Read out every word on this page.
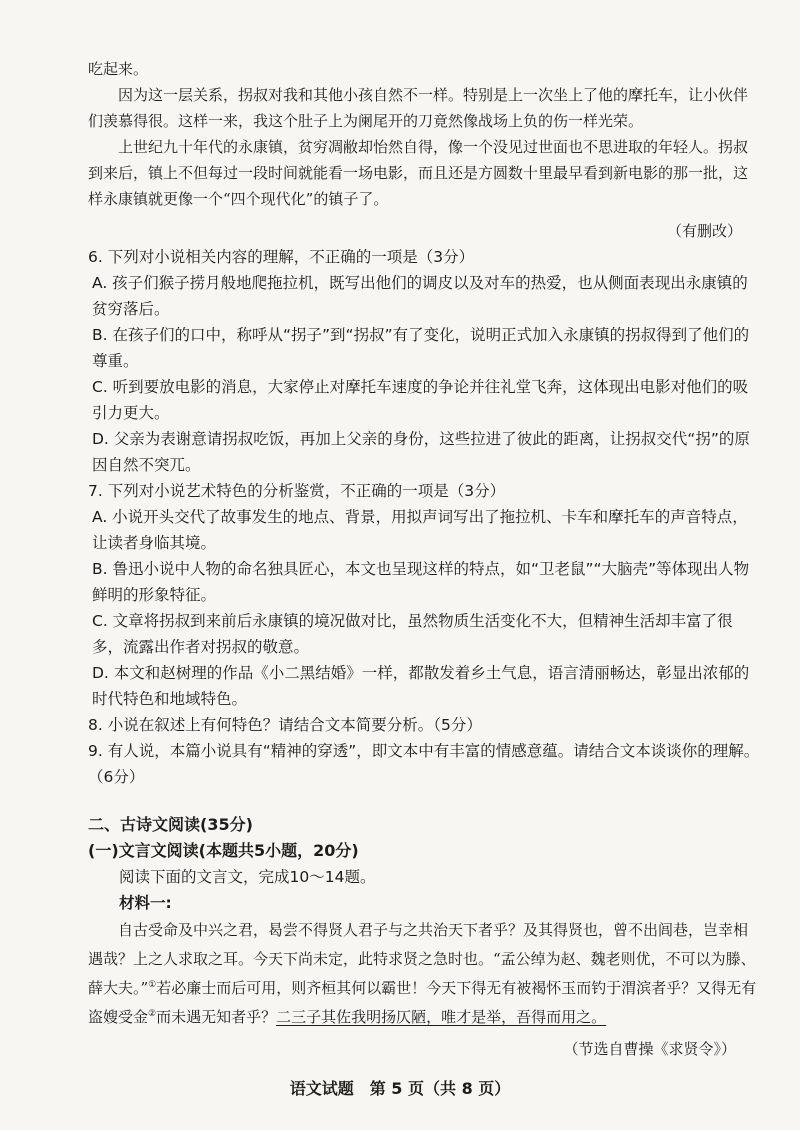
吃起来。

因为这一层关系，拐叔对我和其他小孩自然不一样。特别是上一次坐上了他的摩托车，让小伙伴们羡慕得很。这样一来，我这个肚子上为阑尾开的刀竟然像战场上负的伤一样光荣。

上世纪九十年代的永康镇，贫穷凋敝却怡然自得，像一个没见过世面也不思进取的年轻人。拐叔到来后，镇上不但每过一段时间就能看一场电影，而且还是方圆数十里最早看到新电影的那一批，这样永康镇就更像一个“四个现代化”的镇子了。

（有删改）

6. 下列对小说相关内容的理解，不正确的一项是（3分）

A. 孩子们猴子捞月般地爬拖拉机，既写出他们的调皮以及对车的热爱，也从侧面表现出永康镇的贫穷落后。

B. 在孩子们的口中，称呼从“拐子”到“拐叔”有了变化，说明正式加入永康镇的拐叔得到了他们的尊重。

C. 听到要放电影的消息，大家停止对摩托车速度的争论并往礼堂飞奔，这体现出电影对他们的吸引力更大。

D. 父亲为表谢意请拐叔吃饭，再加上父亲的身份，这些拉进了彼此的距离，让拐叔交代“拐”的原因自然不突兀。

7. 下列对小说艺术特色的分析鉴赏，不正确的一项是（3分）

A. 小说开头交代了故事发生的地点、背景，用拟声词写出了拖拉机、卡车和摩托车的声音特点，让读者身临其境。

B. 鲁迅小说中人物的命名独具匠心，本文也呈现这样的特点，如“卫老鼠”“大脑壳”等体现出人物鲜明的形象特征。

C. 文章将拐叔到来前后永康镇的境况做对比，虽然物质生活变化不大，但精神生活却丰富了很多，流露出作者对拐叔的敬意。

D. 本文和赵树理的作品《小二黑结婚》一样，都散发着乡土气息，语言清丽畅达，彰显出浓郁的时代特色和地域特色。

8. 小说在叙述上有何特色？请结合文本简要分析。（5分）

9. 有人说，本篇小说具有“精神的穿透”，即文本中有丰富的情感意蕴。请结合文本谈谈你的理解。（6分）

二、古诗文阅读(35分)

(一)文言文阅读(本题共5小题，20分)

阅读下面的文言文，完成10～14题。

材料一:

自古受命及中兴之君，曷尝不得贤人君子与之共治天下者乎？及其得贤也，曾不出闾巷，岂幸相遇哉？上之人求取之耳。今天下尚未定，此特求贤之急时也。“孟公绰为赵、魏老则优，不可以为滕、薛大夫。”①若必廉士而后可用，则齐桓其何以霸世！今天下得无有被褐怀玉而钓于渭滨者乎？又得无有盗嫂受金②而未遇无知者乎？二三子其佐我明扬仄陋，唯才是举，吾得而用之。

（节选自曹操《求贤令》）

语文试题　第 5 页（共 8 页）
